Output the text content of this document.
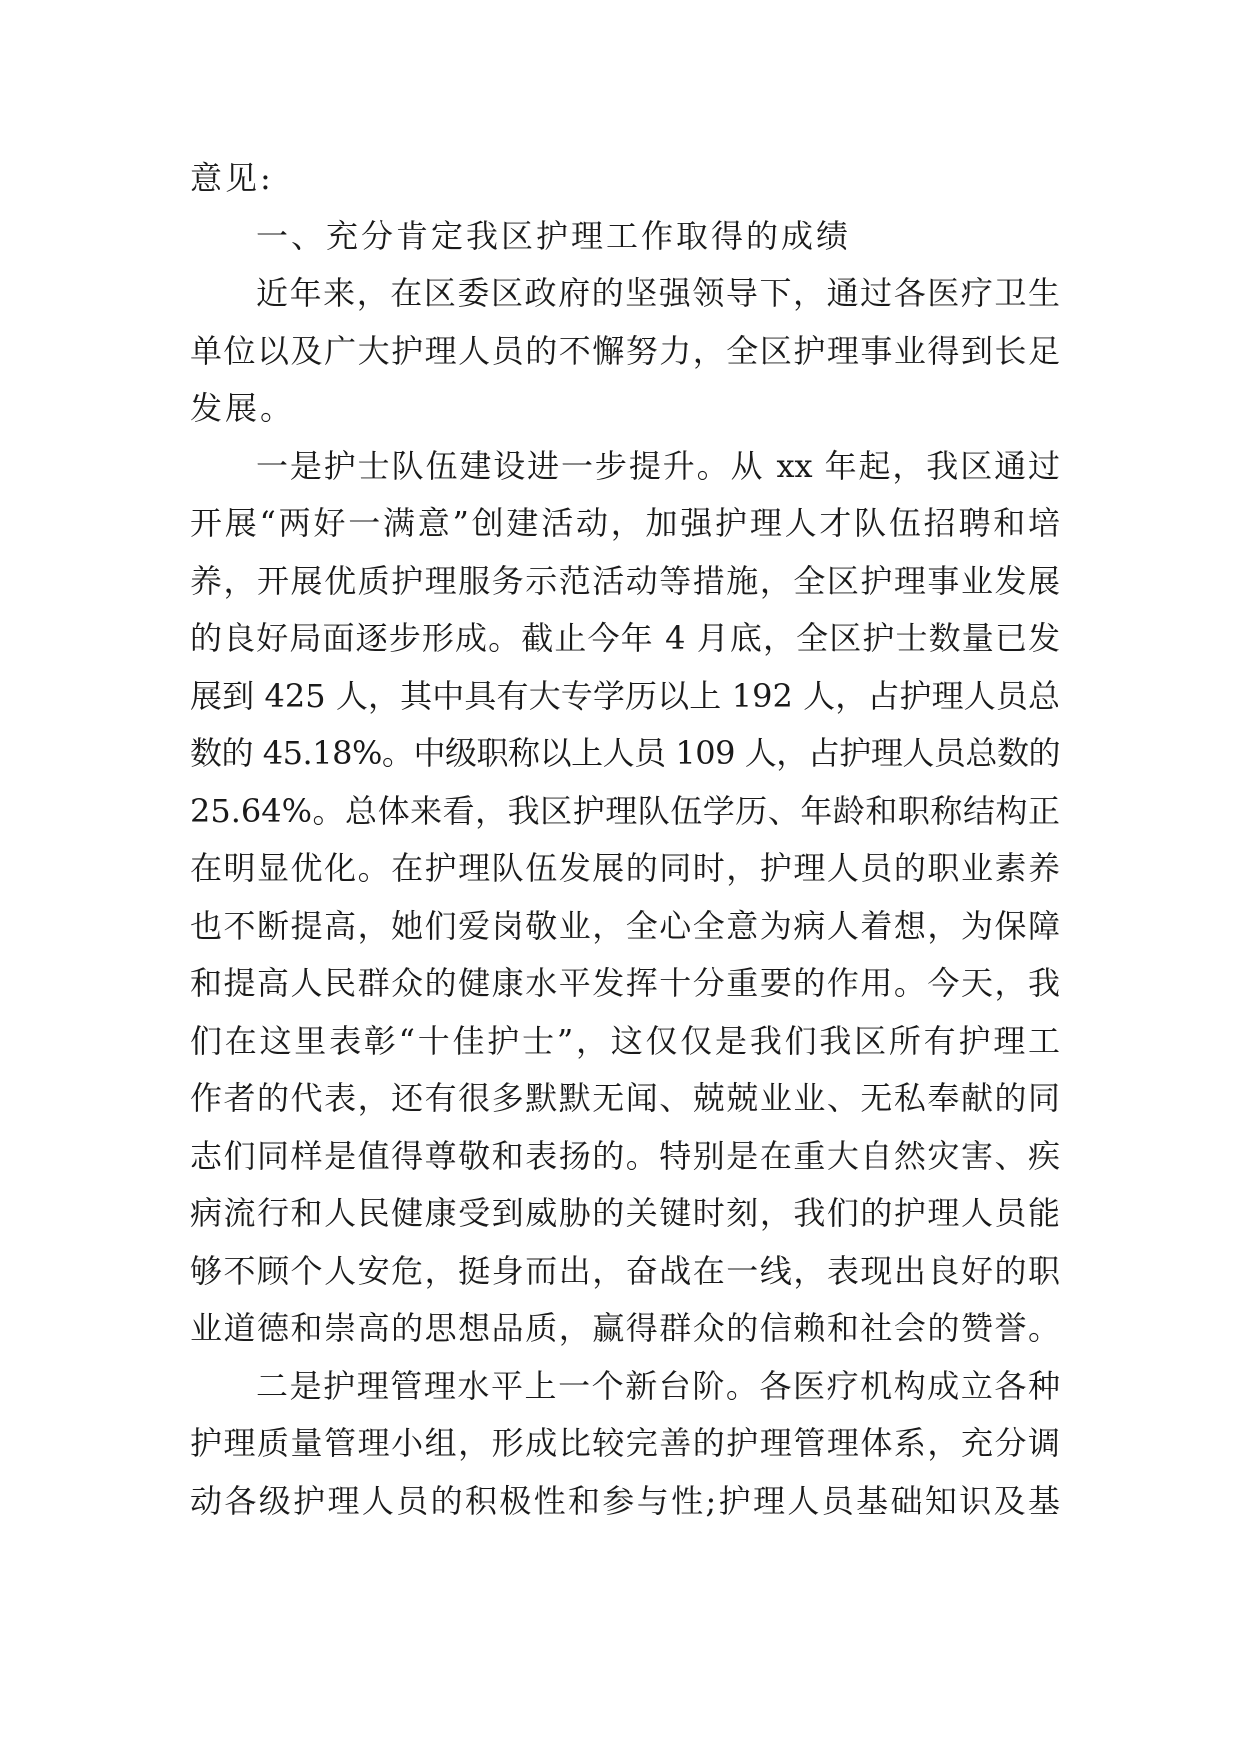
意见:
一、充分肯定我区护理工作取得的成绩
近年来，在区委区政府的坚强领导下，通过各医疗卫生
单位以及广大护理人员的不懈努力，全区护理事业得到长足
发展。
一是护士队伍建设进一步提升。从 xx 年起，我区通过
开展“两好一满意”创建活动，加强护理人才队伍招聘和培
养，开展优质护理服务示范活动等措施，全区护理事业发展
的良好局面逐步形成。截止今年 4 月底，全区护士数量已发
展到 425 人，其中具有大专学历以上 192 人，占护理人员总
数的 45.18%。中级职称以上人员 109 人，占护理人员总数的
25.64%。总体来看，我区护理队伍学历、年龄和职称结构正
在明显优化。在护理队伍发展的同时，护理人员的职业素养
也不断提高，她们爱岗敬业，全心全意为病人着想，为保障
和提高人民群众的健康水平发挥十分重要的作用。今天，我
们在这里表彰“十佳护士”，这仅仅是我们我区所有护理工
作者的代表，还有很多默默无闻、兢兢业业、无私奉献的同
志们同样是值得尊敬和表扬的。特别是在重大自然灾害、疾
病流行和人民健康受到威胁的关键时刻，我们的护理人员能
够不顾个人安危，挺身而出，奋战在一线，表现出良好的职
业道德和崇高的思想品质，赢得群众的信赖和社会的赞誉。
二是护理管理水平上一个新台阶。各医疗机构成立各种
护理质量管理小组，形成比较完善的护理管理体系，充分调
动各级护理人员的积极性和参与性;护理人员基础知识及基
